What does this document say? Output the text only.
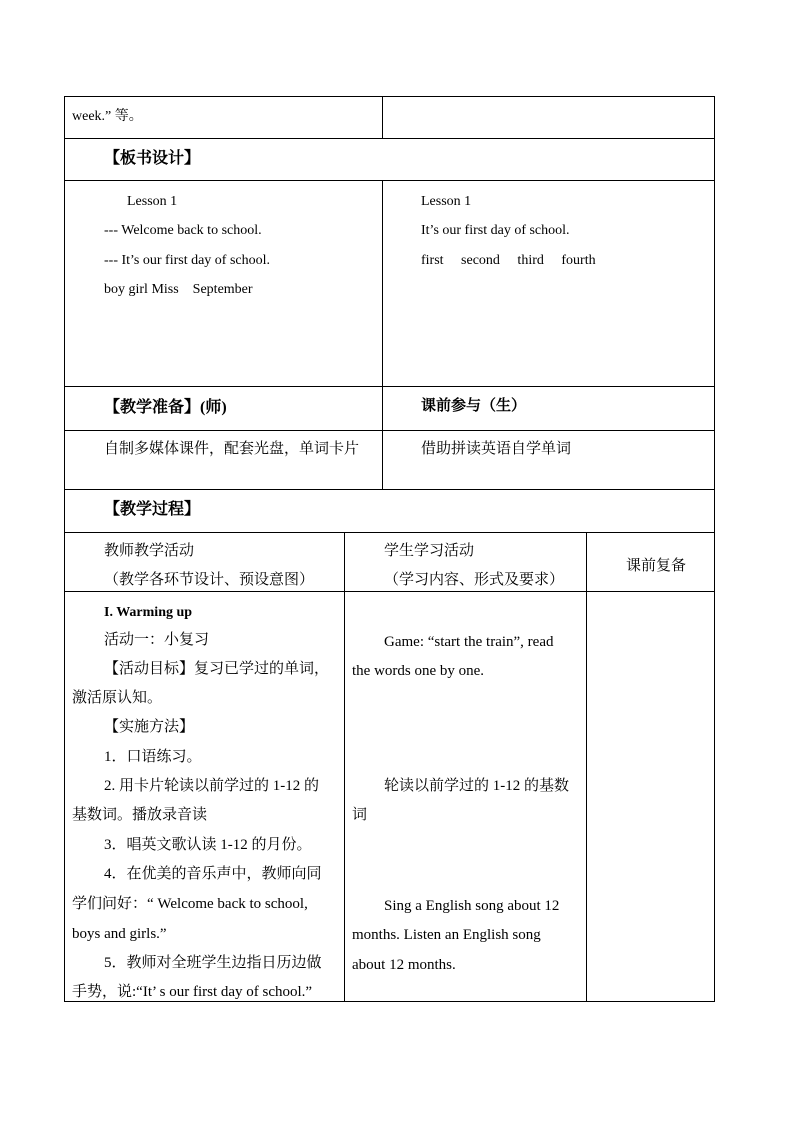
week.” 等。
【板书设计】
Lesson 1
--- Welcome back to school.
--- It’s our first day of school.
boy girl Miss    September
Lesson 1
It’s our first day of school.
first     second     third     fourth
【教学准备】(师)	课前参与（生）
自制多媒体课件，配套光盘，单词卡片	借助拼读英语自学单词
【教学过程】
教师教学活动
（教学各环节设计、预设意图）
学生学习活动
（学习内容、形式及要求）
课前复备
I. Warming up
活动一：小复习
【活动目标】复习已学过的单词，
激活原认知。
【实施方法】
1．口语练习。
2. 用卡片轮读以前学过的 1-12 的
基数词。播放录音读
3．唱英文歌认读 1-12 的月份。
4．在优美的音乐声中，教师向同
学们问好：“ Welcome back to school,
boys and girls.”
5．教师对全班学生边指日历边做
手势，说:“It’ s our first day of school.”
Game: “start the train”, read
the words one by one.
轮读以前学过的 1-12 的基数
词
Sing a English song about 12
months. Listen an English song
about 12 months.
